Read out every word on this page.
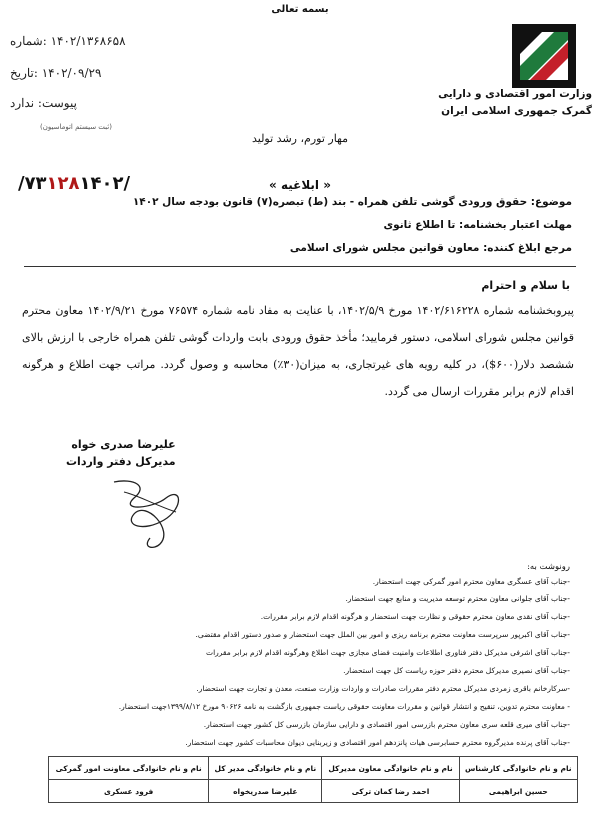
بسمه تعالی
۱۴۰۲/۱۳۶۸۶۵۸ :شماره
۱۴۰۲/۰۹/۲۹ :تاریخ
پیوست: ندارد
(ثبت سیستم اتوماسیون)
وزارت امور اقتصادی و دارایی
گمرک جمهوری اسلامی ایران
مهار تورم، رشد تولید
/۷۳۱۲۸۱۴۰۲/	« ابلاغیه »
موضوع: حقوق ورودی گوشی تلفن همراه - بند (ط) تبصره(۷) قانون بودجه سال ۱۴۰۲
مهلت اعتبار بخشنامه: تا اطلاع ثانوی
مرجع ابلاغ کننده: معاون قوانین مجلس شورای اسلامی
با سلام و احترام
پیروبخشنامه شماره ۱۴۰۲/۶۱۶۲۲۸ مورخ ۱۴۰۲/۵/۹، با عنایت به مفاد نامه شماره ۷۶۵۷۴ مورخ ۱۴۰۲/۹/۲۱ معاون محترم قوانین مجلس شورای اسلامی، دستور فرمایید؛ مأخذ حقوق ورودی بابت واردات گوشی تلفن همراه خارجی با ارزش بالای ششصد دلار(۶۰۰$)، در کلیه رویه های غیرتجاری، به میزان(۳۰٪) محاسبه و وصول گردد. مراتب جهت اطلاع و هرگونه اقدام لازم برابر مقررات ارسال می گردد.
علیرضا صدری خواه
مدیرکل دفتر واردات
رونوشت به:
-جناب آقای عسگری معاون محترم امور گمرکی جهت استحضار.
-جناب آقای جلوانی معاون محترم توسعه مدیریت و منابع جهت استحضار.
-جناب آقای نقدی معاون محترم حقوقی و نظارت جهت استحضار و هرگونه اقدام لازم برابر مقررات.
-جناب آقای اکبرپور سرپرست معاونت محترم برنامه ریزی و امور بین الملل جهت استحضار و صدور دستور اقدام مقتضی.
-جناب آقای اشرفی مدیرکل دفتر فناوری اطلاعات وامنیت فضای مجازی جهت اطلاع وهرگونه اقدام لازم برابر مقررات
-جناب آقای نصیری مدیرکل محترم دفتر حوزه ریاست کل جهت استحضار.
-سرکارخانم باقری زمردی مدیرکل محترم دفتر مقررات صادرات و واردات وزارت صنعت، معدن و تجارت جهت استحضار.
- معاونت محترم تدوین، تنقیح و انتشار قوانین و مقررات معاونت حقوقی ریاست جمهوری بازگشت به نامه ۹۰۶۲۶ مورخ ۱۳۹۹/۸/۱۲جهت استحضار.
-جناب آقای میری قلعه سری معاون محترم بازرسی امور اقتصادی و دارایی سازمان بازرسی کل کشور جهت استحضار.
-جناب آقای پرنده مدیرگروه محترم حسابرسی هیات پانزدهم امور اقتصادی و زیربنایی دیوان محاسبات کشور جهت استحضار.
نام و نام خانوادگی کارشناس	نام و نام خانوادگی معاون مدیرکل	نام و نام خانوادگی مدیر کل	نام و نام خانوادگی معاونت امور گمرکی
حسین ابراهیمی	احمد رضا کمان ترکی	علیرضا صدریخواه	فرود عسکری
